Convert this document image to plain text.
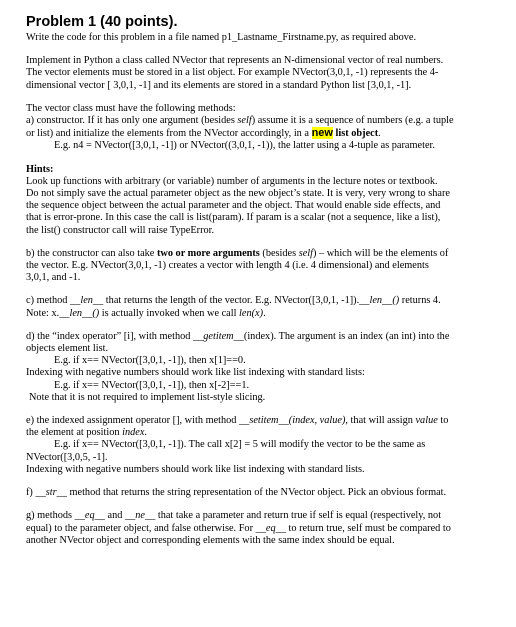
Problem 1 (40 points).

Write the code for this problem in a file named p1_Lastname_Firstname.py, as required above.

Implement in Python a class called NVector that represents an N-dimensional vector of real numbers.

The vector elements must be stored in a list object. For example NVector(3,0,1, -1) represents the 4-

dimensional vector [ 3,0,1, -1] and its elements are stored in a standard Python list [3,0,1, -1].

The vector class must have the following methods:

a) constructor. If it has only one argument (besides self) assume it is a sequence of numbers (e.g. a tuple

or list) and initialize the elements from the NVector accordingly, in a new list object.

E.g. n4 = NVector([3,0,1, -1]) or NVector((3,0,1, -1)), the latter using a 4-tuple as parameter.

Hints:

Look up functions with arbitrary (or variable) number of arguments in the lecture notes or textbook.

Do not simply save the actual parameter object as the new object’s state. It is very, very wrong to share

the sequence object between the actual parameter and the object. That would enable side effects, and

that is error-prone. In this case the call is list(param). If param is a scalar (not a sequence, like a list),

the list() constructor call will raise TypeError.

b) the constructor can also take two or more arguments (besides self) – which will be the elements of

the vector. E.g. NVector(3,0,1, -1) creates a vector with length 4 (i.e. 4 dimensional) and elements

3,0,1, and -1.

c) method __len__ that returns the length of the vector. E.g. NVector([3,0,1, -1]).__len__() returns 4.

Note: x.__len__() is actually invoked when we call len(x).

d) the “index operator” [i], with method __getitem__(index). The argument is an index (an int) into the

objects element list.

E.g. if x== NVector([3,0,1, -1]), then x[1]==0.

Indexing with negative numbers should work like list indexing with standard lists:

E.g. if x== NVector([3,0,1, -1]), then x[-2]==1.

Note that it is not required to implement list-style slicing.

e) the indexed assignment operator [], with method __setitem__(index, value), that will assign value to

the element at position index.

E.g. if x== NVector([3,0,1, -1]). The call x[2] = 5 will modify the vector to be the same as

NVector([3,0,5, -1].

Indexing with negative numbers should work like list indexing with standard lists.

f) __str__ method that returns the string representation of the NVector object. Pick an obvious format.

g) methods __eq__ and __ne__ that take a parameter and return true if self is equal (respectively, not

equal) to the parameter object, and false otherwise. For __eq__ to return true, self must be compared to

another NVector object and corresponding elements with the same index should be equal.
